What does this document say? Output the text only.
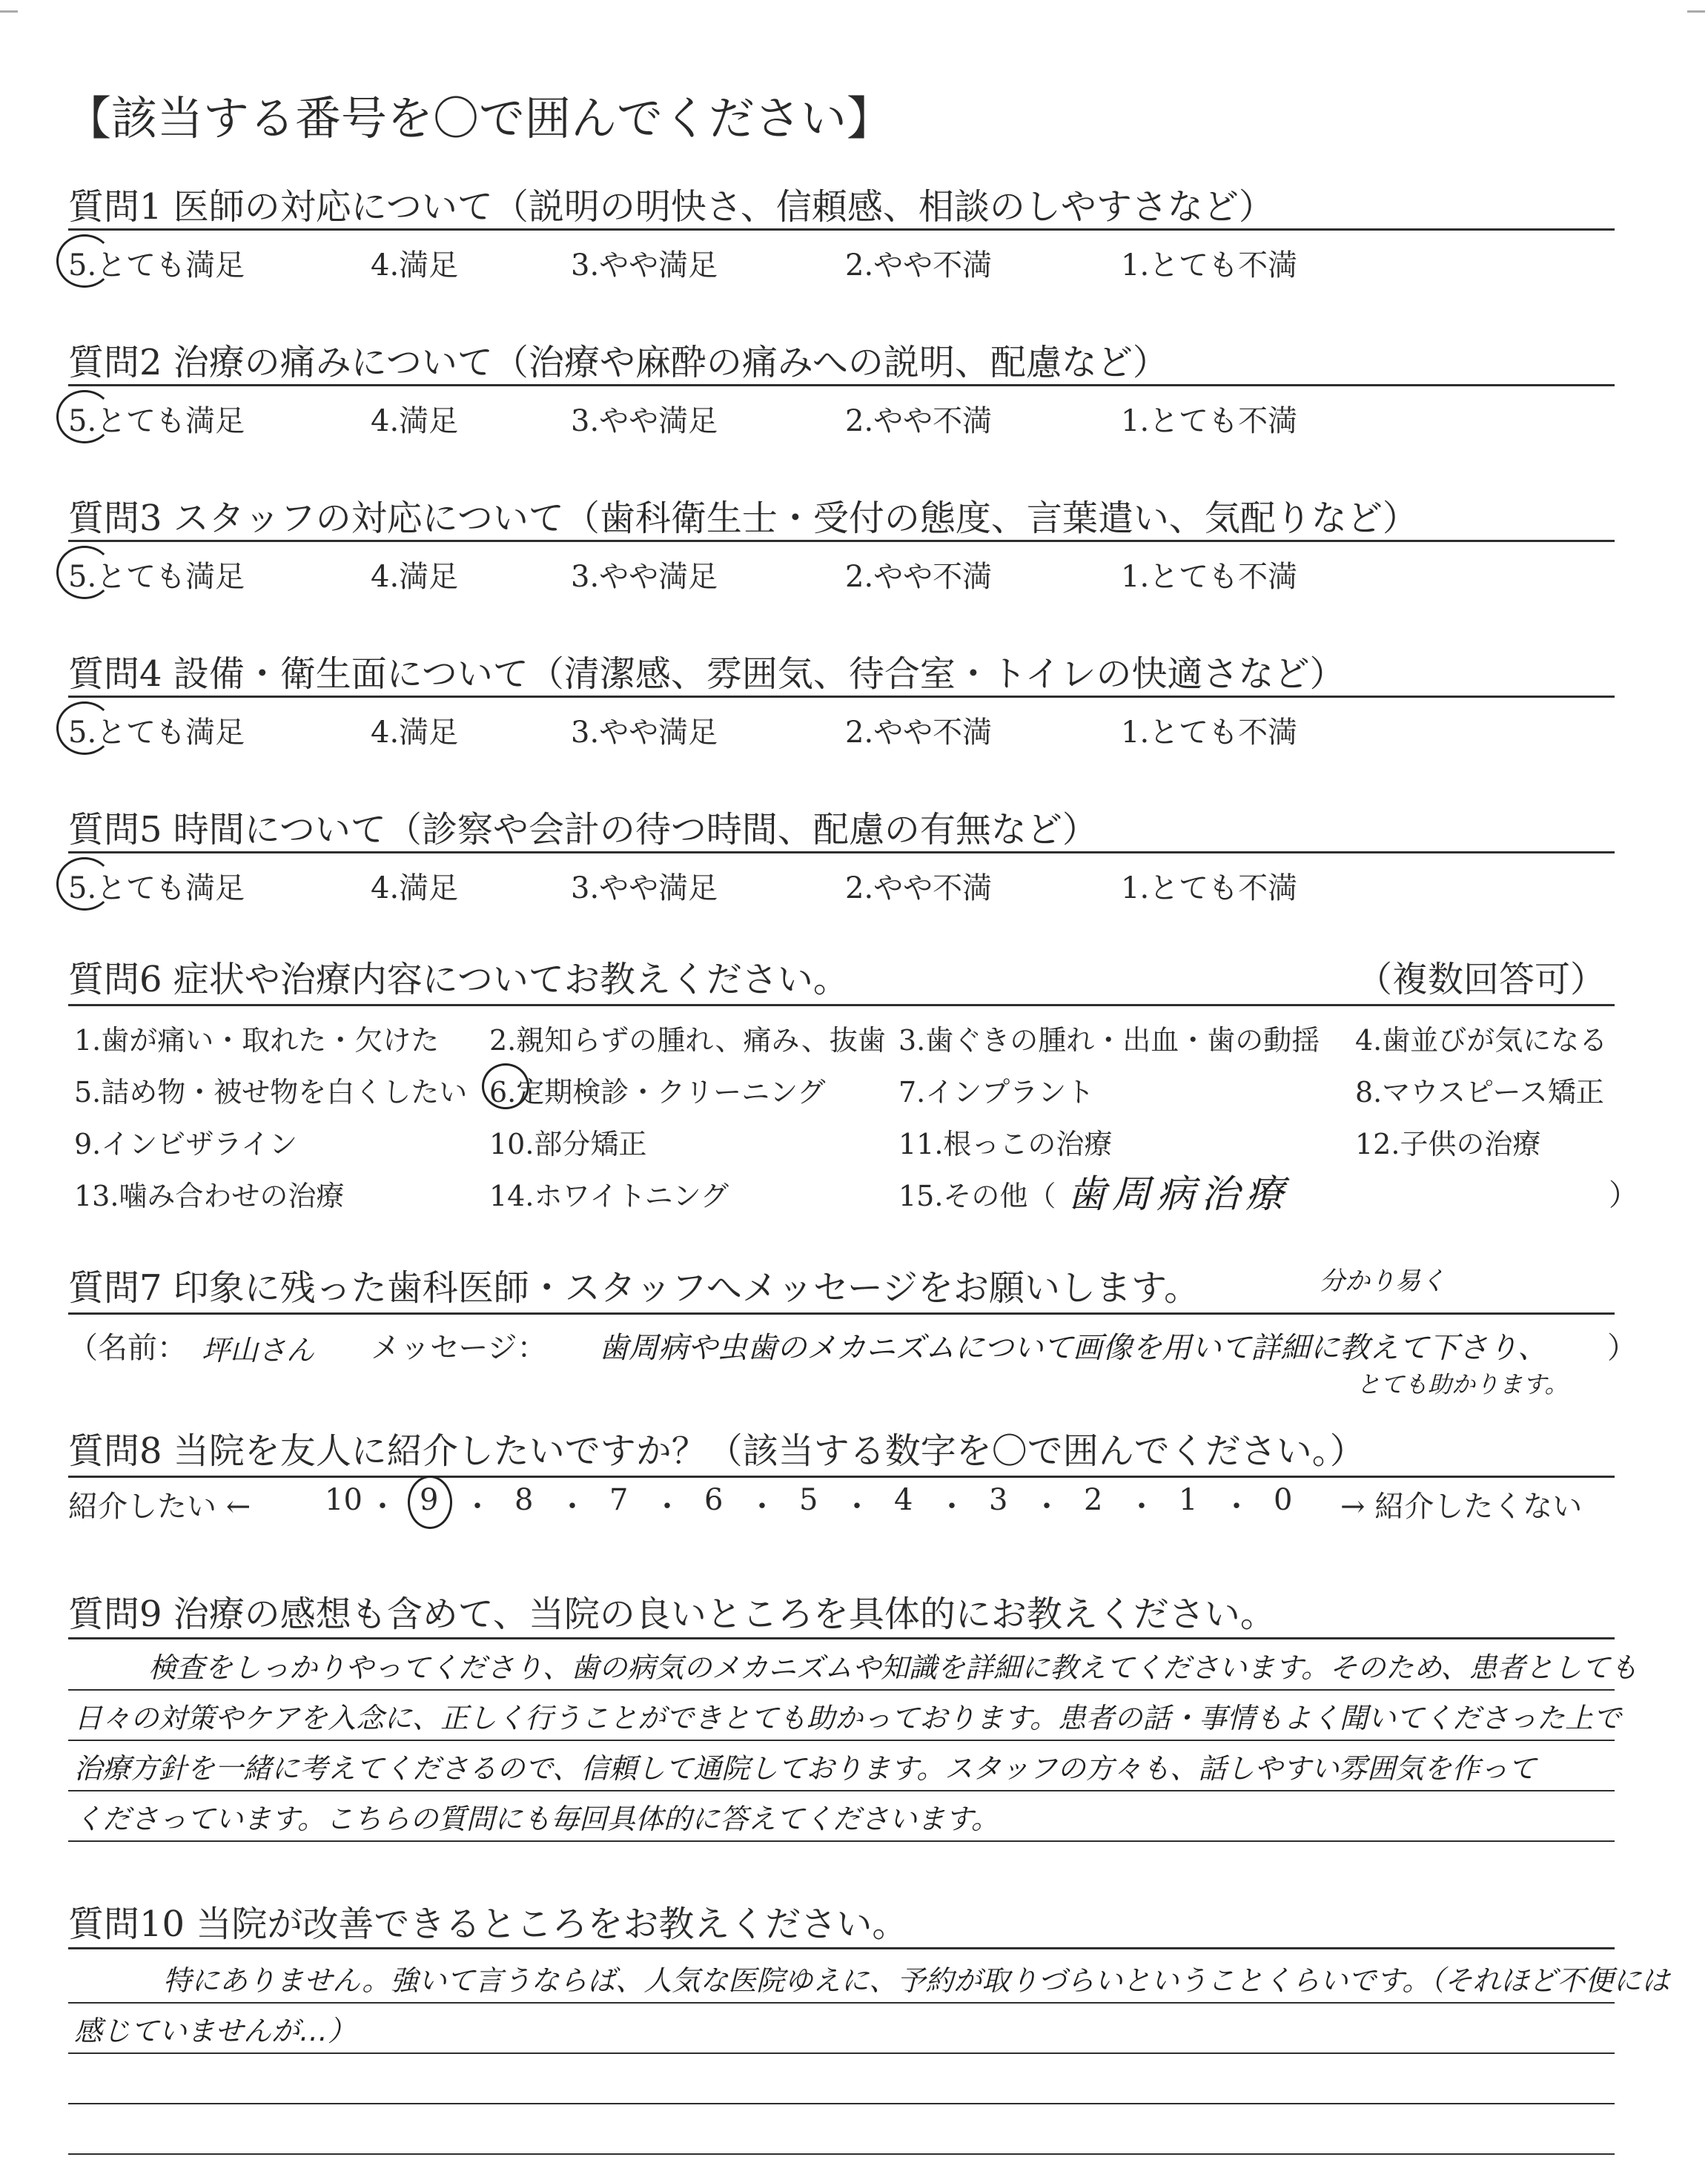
【該当する番号を〇で囲んでください】
質問1 医師の対応について（説明の明快さ、信頼感、相談のしやすさなど）
5.とても満足	4.満足	3.やや満足	2.やや不満	1.とても不満
質問2 治療の痛みについて（治療や麻酔の痛みへの説明、配慮など）
5.とても満足	4.満足	3.やや満足	2.やや不満	1.とても不満
質問3 スタッフの対応について（歯科衛生士・受付の態度、言葉遣い、気配りなど）
5.とても満足	4.満足	3.やや満足	2.やや不満	1.とても不満
質問4 設備・衛生面について（清潔感、雰囲気、待合室・トイレの快適さなど）
5.とても満足	4.満足	3.やや満足	2.やや不満	1.とても不満
質問5 時間について（診察や会計の待つ時間、配慮の有無など）
5.とても満足	4.満足	3.やや満足	2.やや不満	1.とても不満
質問6 症状や治療内容についてお教えください。	（複数回答可）
1.歯が痛い・取れた・欠けた 2.親知らずの腫れ、痛み、抜歯 3.歯ぐきの腫れ・出血・歯の動揺 4.歯並びが気になる
5.詰め物・被せ物を白くしたい 6.定期検診・クリーニング	7.インプラント	8.マウスピース矯正
9.インビザライン	10.部分矯正	11.根っこの治療	12.子供の治療
13.噛み合わせの治療	14.ホワイトニング	15.その他（	）
歯周病治療
質問7 印象に残った歯科医師・スタッフへメッセージをお願いします。	分かり易く
（名前： 坪山さん メッセージ： 歯周病や虫歯のメカニズムについて画像を用いて詳細に教えて下さり、 ）
とても助かります。
質問8 当院を友人に紹介したいですか？（該当する数字を〇で囲んでください。）
紹介したい ← 10 ・ 9 ・ 8 ・ 7 ・ 6 ・ 5 ・ 4 ・ 3 ・ 2 ・ 1 ・ 0 → 紹介したくない
質問9 治療の感想も含めて、当院の良いところを具体的にお教えください。
検査をしっかりやってくださり、歯の病気のメカニズムや知識を詳細に教えてくださいます。そのため、患者としても
日々の対策やケアを入念に、正しく行うことができとても助かっております。患者の話・事情もよく聞いてくださった上で
治療方針を一緒に考えてくださるので、信頼して通院しております。スタッフの方々も、話しやすい雰囲気を作って
くださっています。こちらの質問にも毎回具体的に答えてくださいます。
質問10 当院が改善できるところをお教えください。
特にありません。強いて言うならば、人気な医院ゆえに、予約が取りづらいということくらいです。（それほど不便には
感じていませんが…）
